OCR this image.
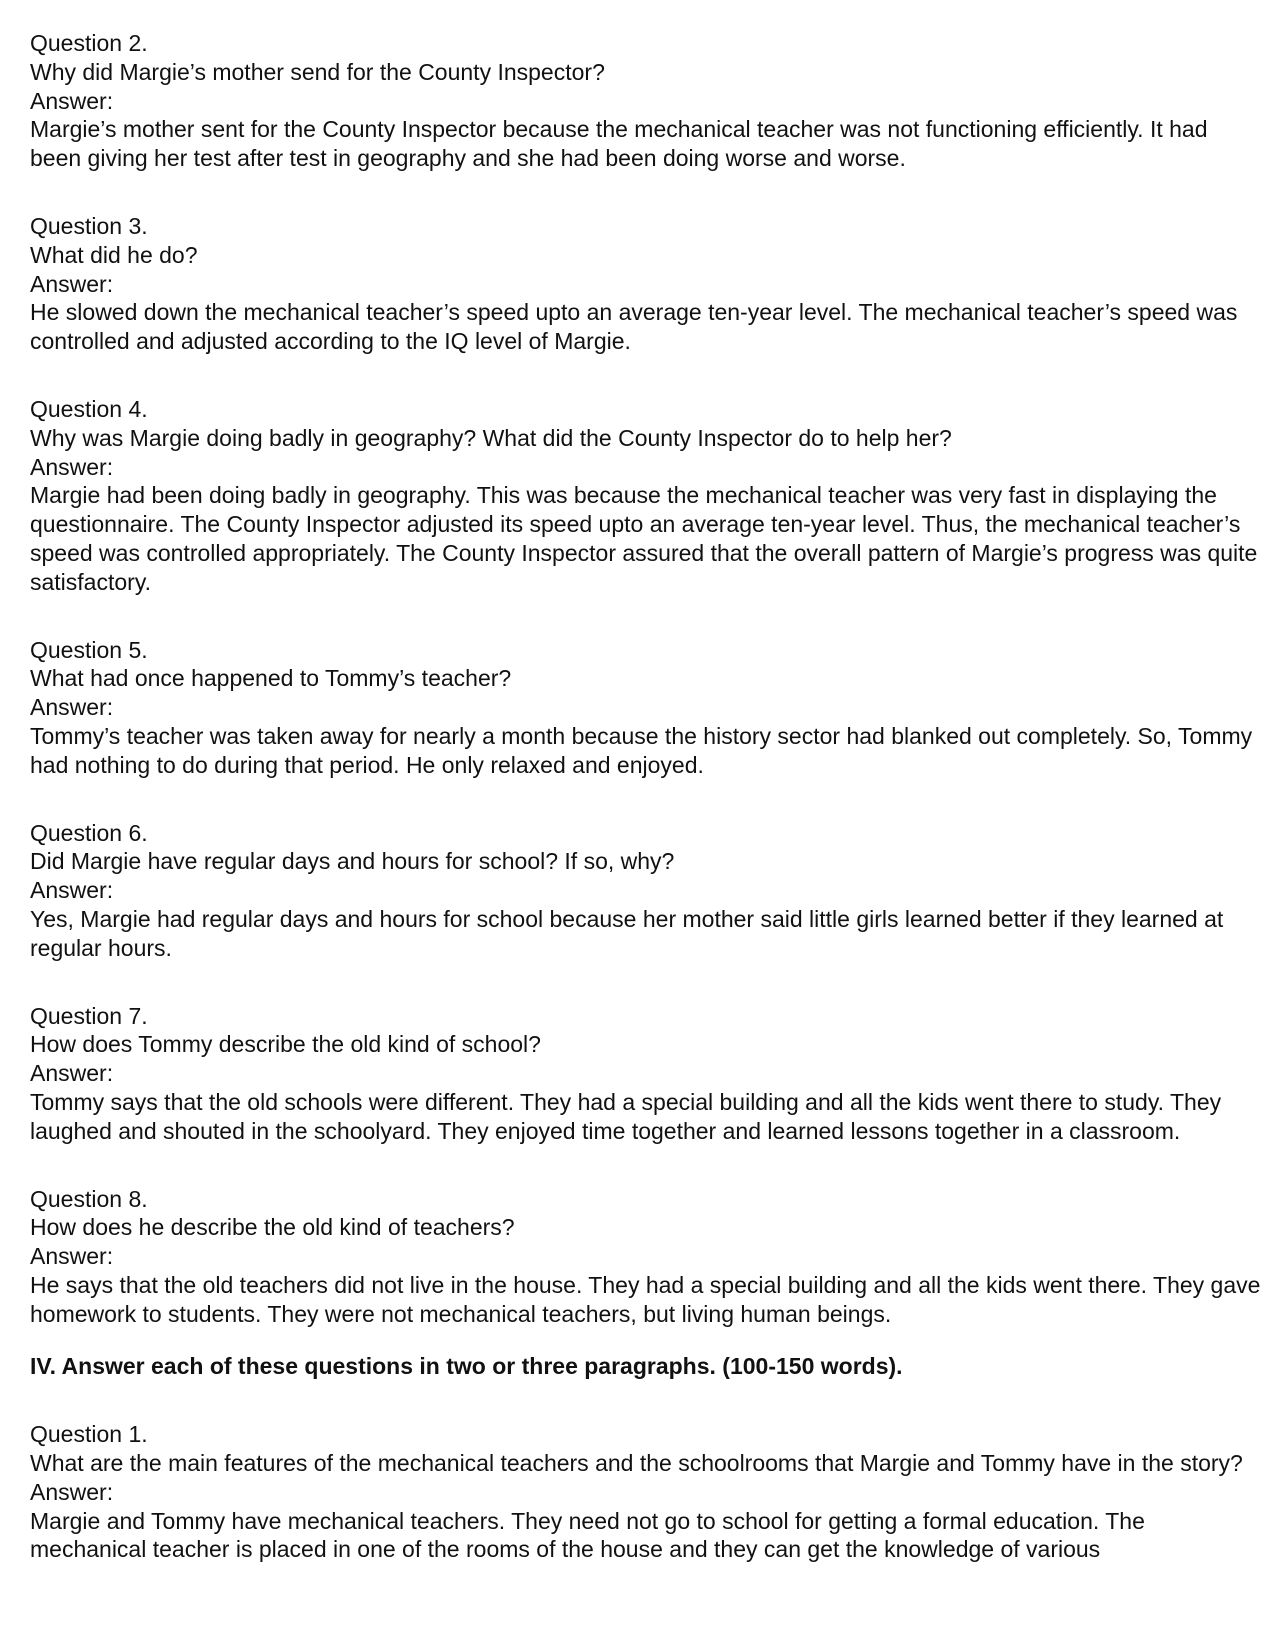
Question 2.
Why did Margie’s mother send for the County Inspector?
Answer:
Margie’s mother sent for the County Inspector because the mechanical teacher was not functioning efficiently. It had been giving her test after test in geography and she had been doing worse and worse.
Question 3.
What did he do?
Answer:
He slowed down the mechanical teacher’s speed upto an average ten-year level. The mechanical teacher’s speed was controlled and adjusted according to the IQ level of Margie.
Question 4.
Why was Margie doing badly in geography? What did the County Inspector do to help her?
Answer:
Margie had been doing badly in geography. This was because the mechanical teacher was very fast in displaying the questionnaire. The County Inspector adjusted its speed upto an average ten-year level. Thus, the mechanical teacher’s speed was controlled appropriately. The County Inspector assured that the overall pattern of Margie’s progress was quite satisfactory.
Question 5.
What had once happened to Tommy’s teacher?
Answer:
Tommy’s teacher was taken away for nearly a month because the history sector had blanked out completely. So, Tommy had nothing to do during that period. He only relaxed and enjoyed.
Question 6.
Did Margie have regular days and hours for school? If so, why?
Answer:
Yes, Margie had regular days and hours for school because her mother said little girls learned better if they learned at regular hours.
Question 7.
How does Tommy describe the old kind of school?
Answer:
Tommy says that the old schools were different. They had a special building and all the kids went there to study. They laughed and shouted in the schoolyard. They enjoyed time together and learned lessons together in a classroom.
Question 8.
How does he describe the old kind of teachers?
Answer:
He says that the old teachers did not live in the house. They had a special building and all the kids went there. They gave homework to students. They were not mechanical teachers, but living human beings.
IV. Answer each of these questions in two or three paragraphs. (100-150 words).
Question 1.
What are the main features of the mechanical teachers and the schoolrooms that Margie and Tommy have in the story?
Answer:
Margie and Tommy have mechanical teachers. They need not go to school for getting a formal education. The mechanical teacher is placed in one of the rooms of the house and they can get the knowledge of various
